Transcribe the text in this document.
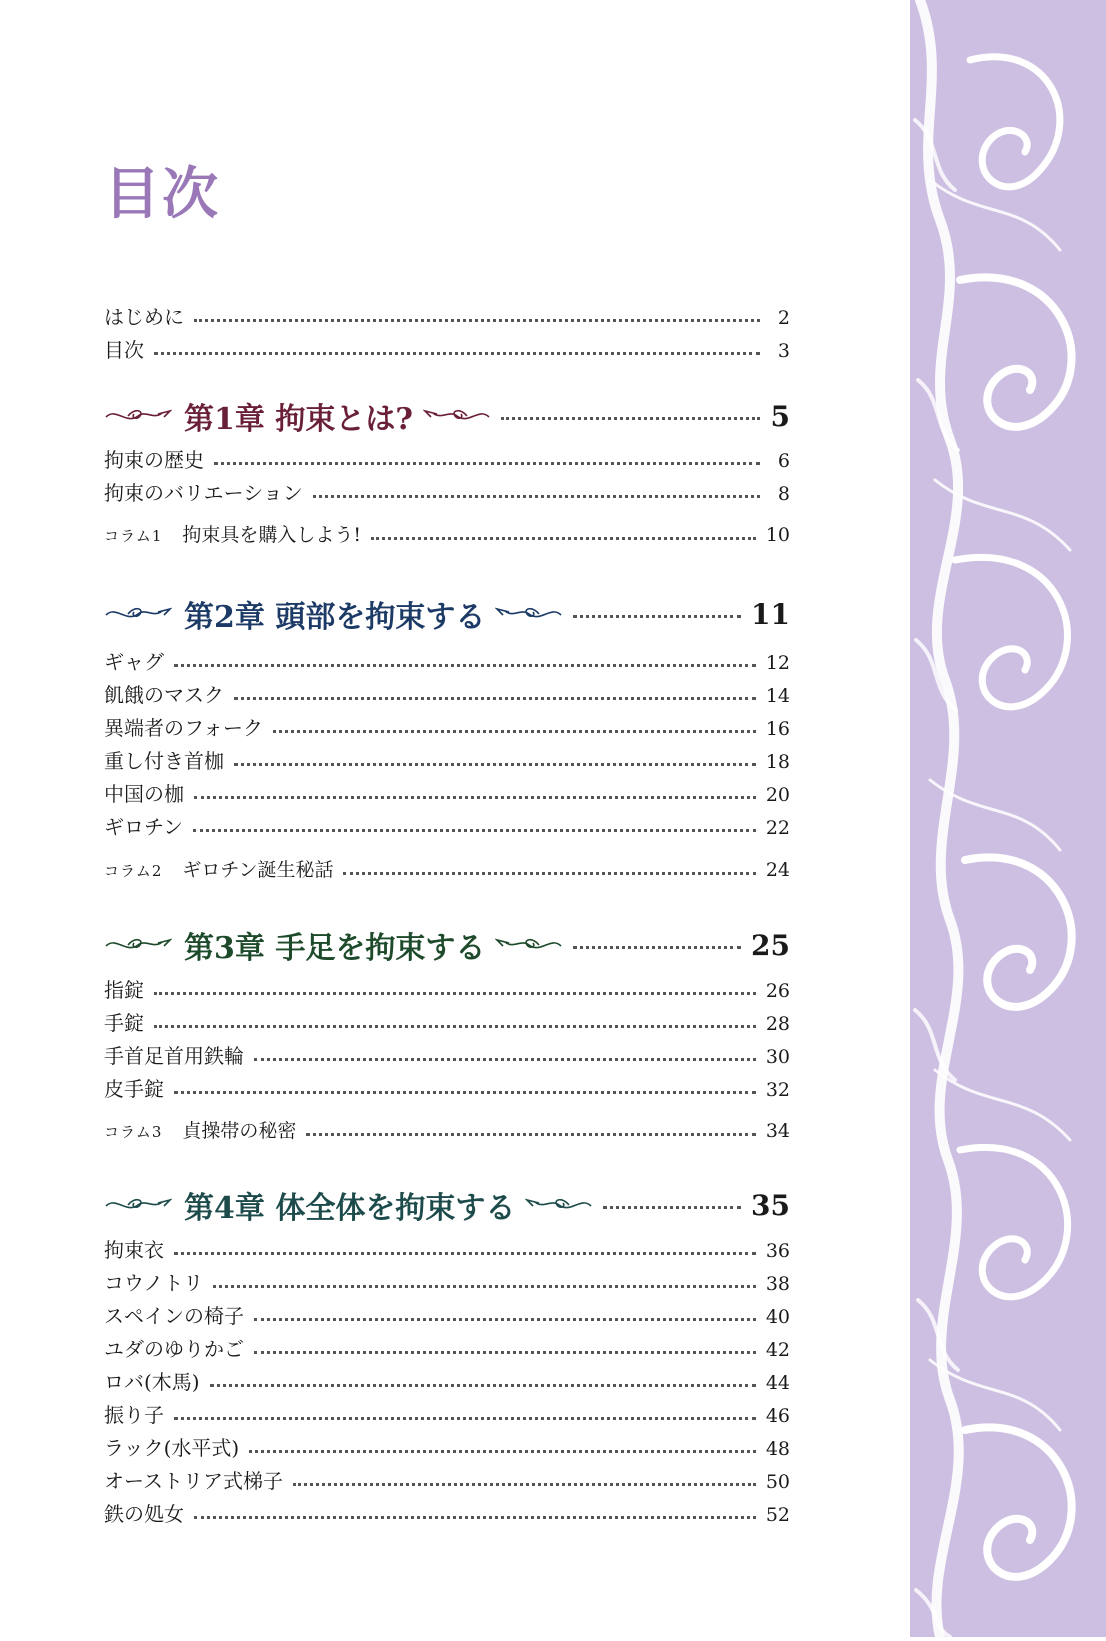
目次
はじめに	2
目次	3
第1章 拘束とは?	5
拘束の歴史	6
拘束のバリエーション	8
コラム1 拘束具を購入しよう!	10
第2章 頭部を拘束する	11
ギャグ	12
飢餓のマスク	14
異端者のフォーク	16
重し付き首枷	18
中国の枷	20
ギロチン	22
コラム2 ギロチン誕生秘話	24
第3章 手足を拘束する	25
指錠	26
手錠	28
手首足首用鉄輪	30
皮手錠	32
コラム3 貞操帯の秘密	34
第4章 体全体を拘束する	35
拘束衣	36
コウノトリ	38
スペインの椅子	40
ユダのゆりかご	42
ロバ(木馬)	44
振り子	46
ラック(水平式)	48
オーストリア式梯子	50
鉄の処女	52
